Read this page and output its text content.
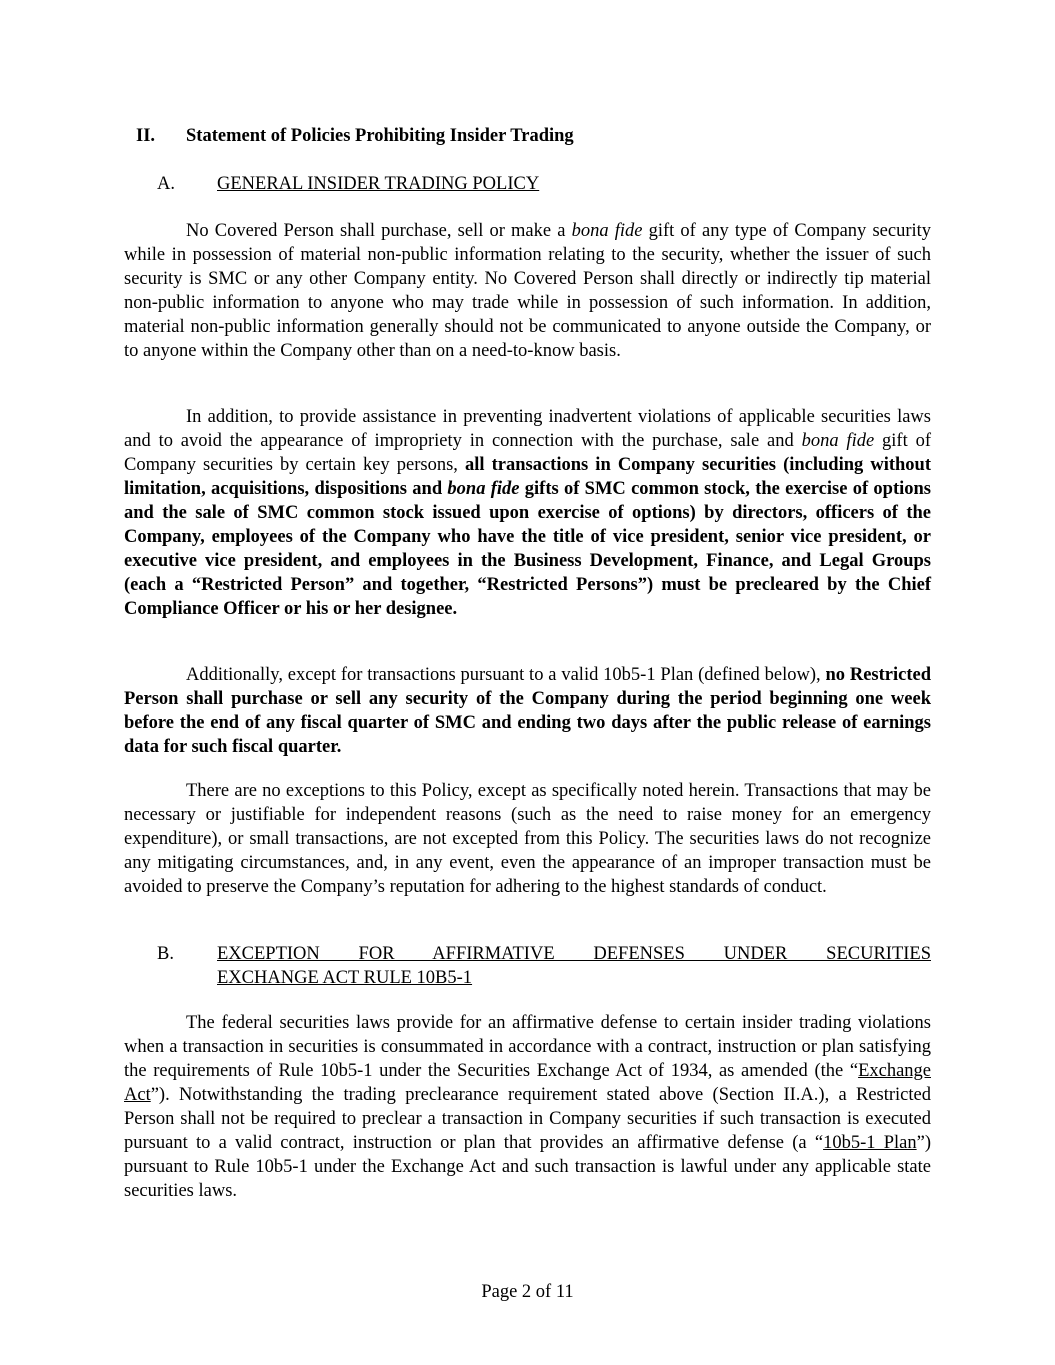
II. Statement of Policies Prohibiting Insider Trading
A. GENERAL INSIDER TRADING POLICY

No Covered Person shall purchase, sell or make a bona fide gift of any type of Company security while in possession of material non-public information relating to the security, whether the issuer of such security is SMC or any other Company entity. No Covered Person shall directly or indirectly tip material non-public information to anyone who may trade while in possession of such information. In addition, material non-public information generally should not be communicated to anyone outside the Company, or to anyone within the Company other than on a need-to-know basis.

In addition, to provide assistance in preventing inadvertent violations of applicable securities laws and to avoid the appearance of impropriety in connection with the purchase, sale and bona fide gift of Company securities by certain key persons, all transactions in Company securities (including without limitation, acquisitions, dispositions and bona fide gifts of SMC common stock, the exercise of options and the sale of SMC common stock issued upon exercise of options) by directors, officers of the Company, employees of the Company who have the title of vice president, senior vice president, or executive vice president, and employees in the Business Development, Finance, and Legal Groups (each a “Restricted Person” and together, “Restricted Persons”) must be precleared by the Chief Compliance Officer or his or her designee.

Additionally, except for transactions pursuant to a valid 10b5-1 Plan (defined below), no Restricted Person shall purchase or sell any security of the Company during the period beginning one week before the end of any fiscal quarter of SMC and ending two days after the public release of earnings data for such fiscal quarter.

There are no exceptions to this Policy, except as specifically noted herein. Transactions that may be necessary or justifiable for independent reasons (such as the need to raise money for an emergency expenditure), or small transactions, are not excepted from this Policy. The securities laws do not recognize any mitigating circumstances, and, in any event, even the appearance of an improper transaction must be avoided to preserve the Company’s reputation for adhering to the highest standards of conduct.

B. EXCEPTION FOR AFFIRMATIVE DEFENSES UNDER SECURITIES
EXCHANGE ACT RULE 10B5-1

The federal securities laws provide for an affirmative defense to certain insider trading violations when a transaction in securities is consummated in accordance with a contract, instruction or plan satisfying the requirements of Rule 10b5-1 under the Securities Exchange Act of 1934, as amended (the “Exchange Act”). Notwithstanding the trading preclearance requirement stated above (Section II.A.), a Restricted Person shall not be required to preclear a transaction in Company securities if such transaction is executed pursuant to a valid contract, instruction or plan that provides an affirmative defense (a “10b5-1 Plan”) pursuant to Rule 10b5-1 under the Exchange Act and such transaction is lawful under any applicable state securities laws.

Page 2 of 11
